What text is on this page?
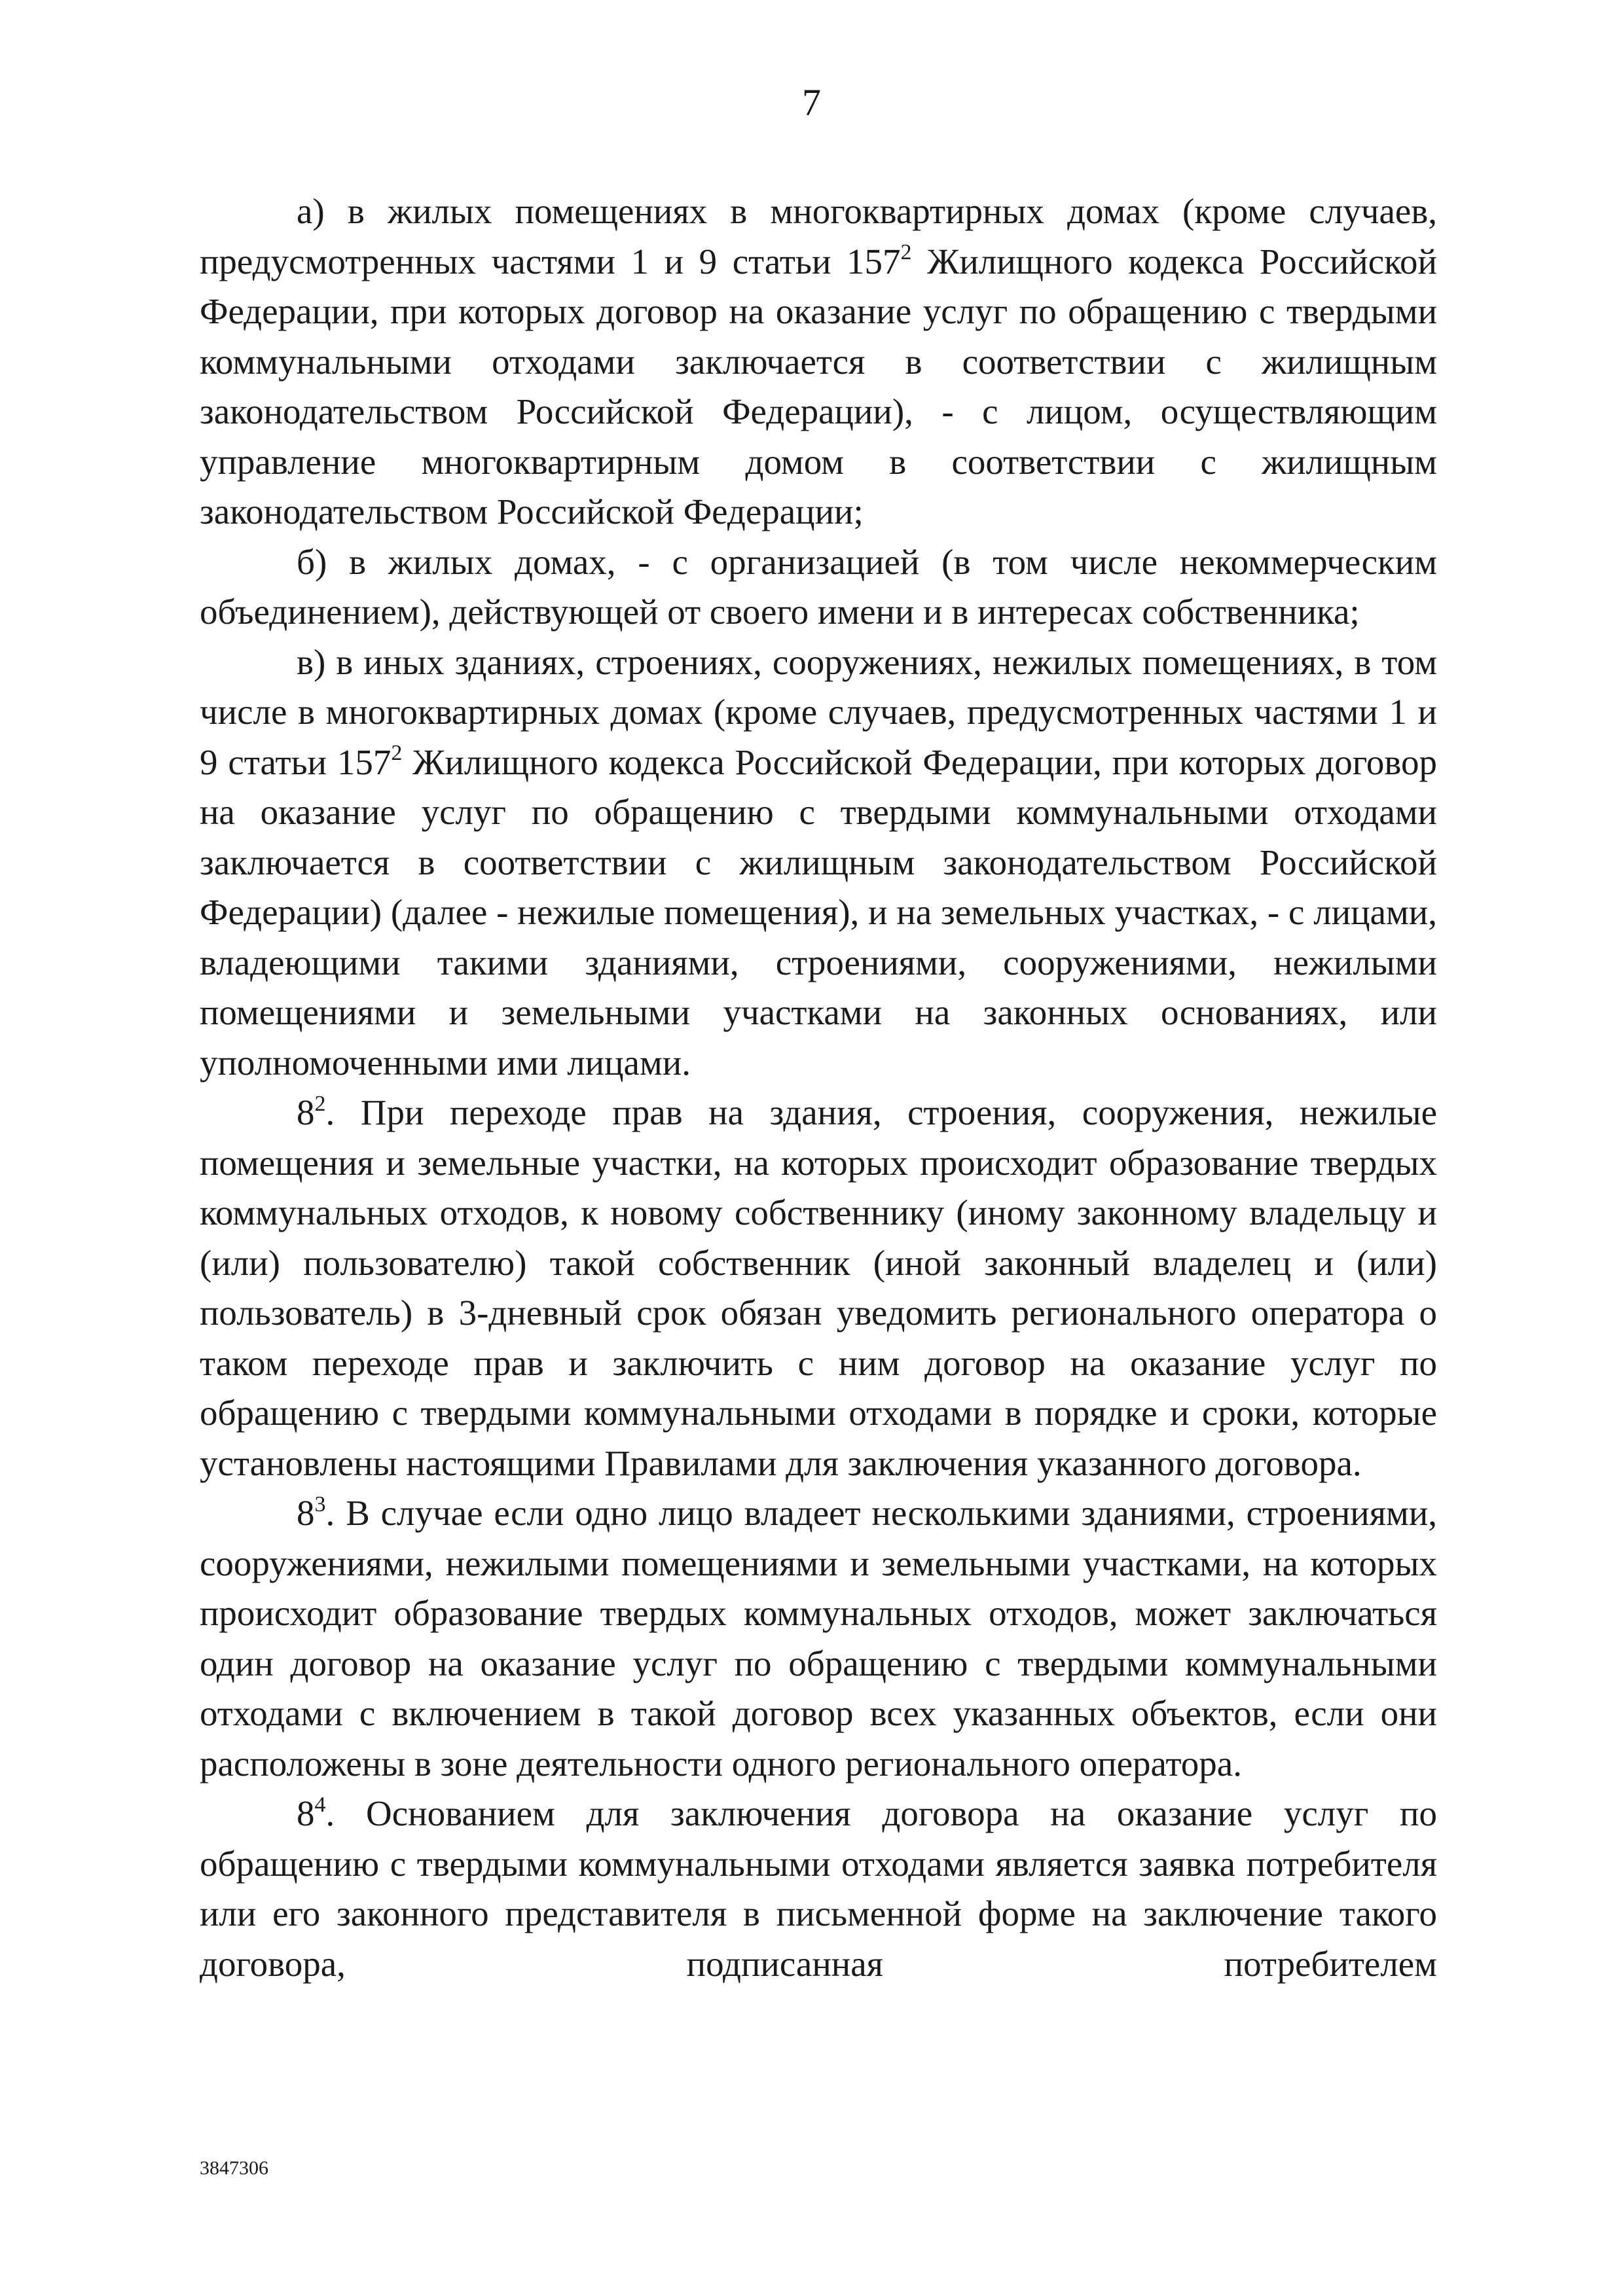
7

а) в жилых помещениях в многоквартирных домах (кроме случаев, предусмотренных частями 1 и 9 статьи $157^2$ Жилищного кодекса Российской Федерации, при которых договор на оказание услуг по обращению с твердыми коммунальными отходами заключается в соответствии с жилищным законодательством Российской Федерации), - с лицом, осуществляющим управление многоквартирным домом в соответствии с жилищным законодательством Российской Федерации;

б) в жилых домах, - с организацией (в том числе некоммерческим объединением), действующей от своего имени и в интересах собственника;

в) в иных зданиях, строениях, сооружениях, нежилых помещениях, в том числе в многоквартирных домах (кроме случаев, предусмотренных частями 1 и 9 статьи $157^2$ Жилищного кодекса Российской Федерации, при которых договор на оказание услуг по обращению с твердыми коммунальными отходами заключается в соответствии с жилищным законодательством Российской Федерации) (далее - нежилые помещения), и на земельных участках, - с лицами, владеющими такими зданиями, строениями, сооружениями, нежилыми помещениями и земельными участками на законных основаниях, или уполномоченными ими лицами.

$8^2$. При переходе прав на здания, строения, сооружения, нежилые помещения и земельные участки, на которых происходит образование твердых коммунальных отходов, к новому собственнику (иному законному владельцу и (или) пользователю) такой собственник (иной законный владелец и (или) пользователь) в 3-дневный срок обязан уведомить регионального оператора о таком переходе прав и заключить с ним договор на оказание услуг по обращению с твердыми коммунальными отходами в порядке и сроки, которые установлены настоящими Правилами для заключения указанного договора.

$8^3$. В случае если одно лицо владеет несколькими зданиями, строениями, сооружениями, нежилыми помещениями и земельными участками, на которых происходит образование твердых коммунальных отходов, может заключаться один договор на оказание услуг по обращению с твердыми коммунальными отходами с включением в такой договор всех указанных объектов, если они расположены в зоне деятельности одного регионального оператора.

$8^4$. Основанием для заключения договора на оказание услуг по обращению с твердыми коммунальными отходами является заявка потребителя или его законного представителя в письменной форме на заключение такого договора, подписанная потребителем

3847306
